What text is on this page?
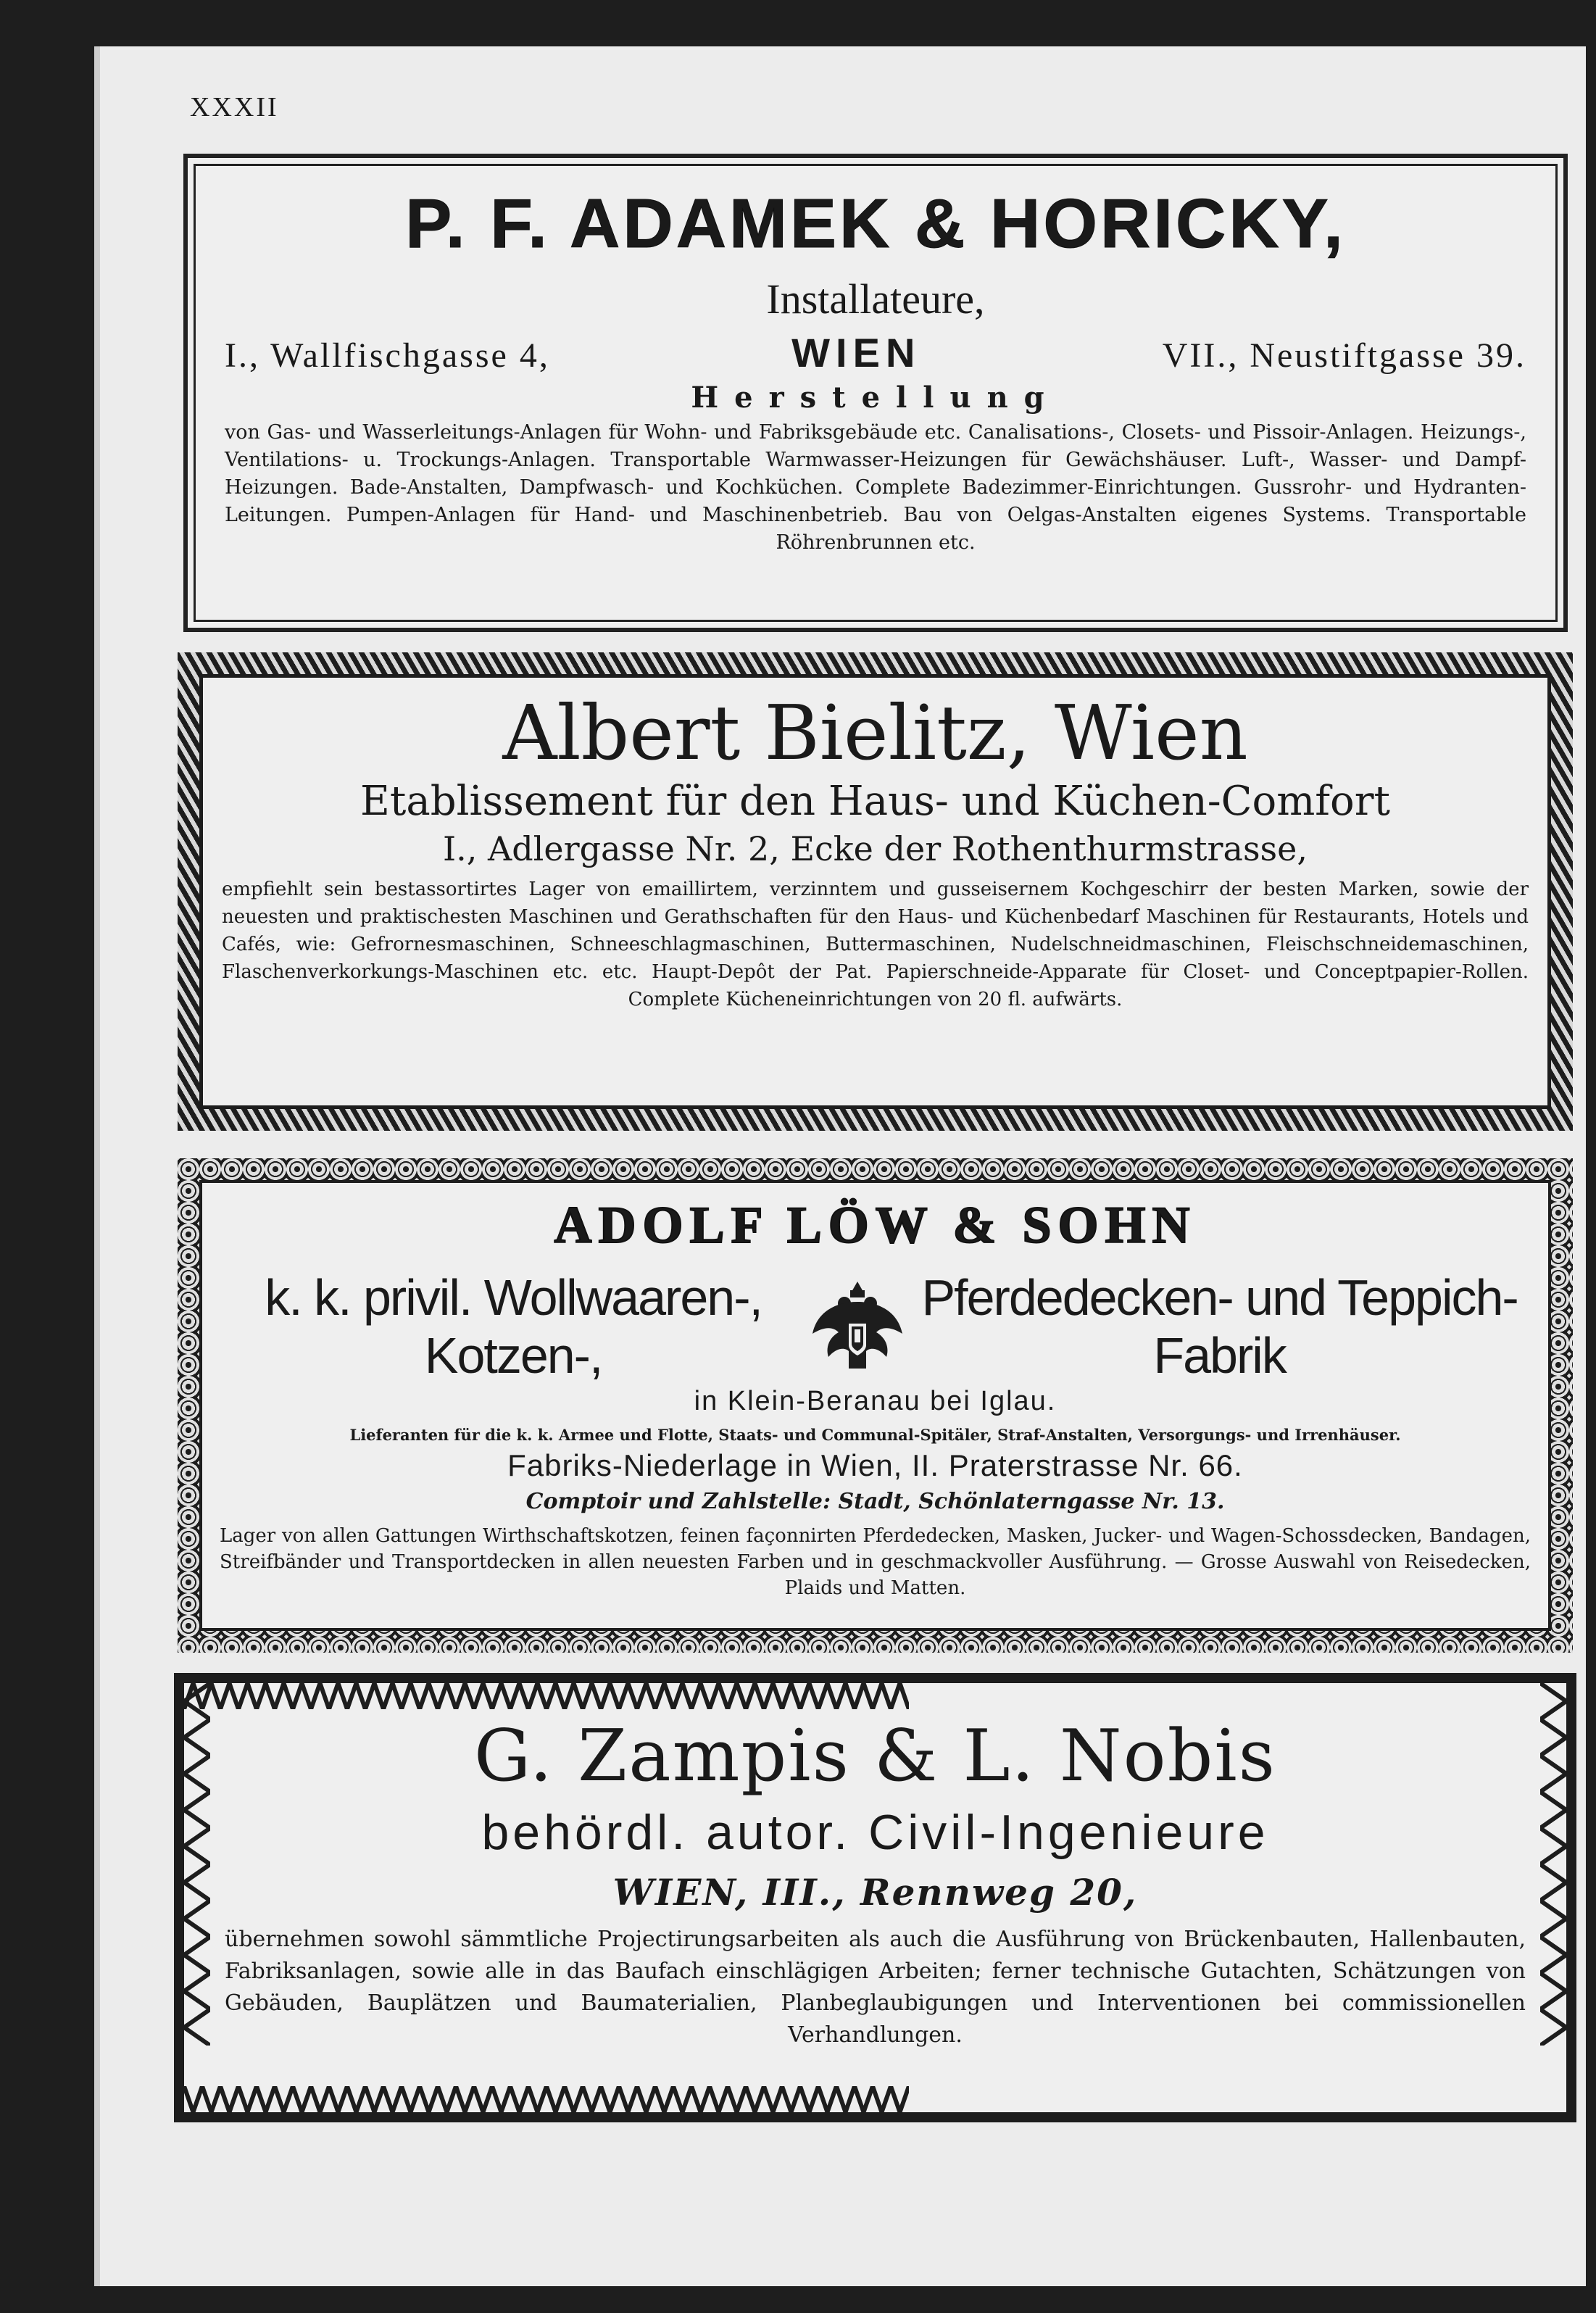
XXXII
P. F. ADAMEK & HORICKY,
Installateure,
I., Wallfischgasse 4,	WIEN	VII., Neustiftgasse 39.
Herstellung
von Gas- und Wasserleitungs-Anlagen für Wohn- und Fabriksgebäude etc. Canalisations-, Closets- und Pissoir-Anlagen. Heizungs-, Ventilations- u. Trockungs-Anlagen. Transportable Warmwasser-Heizungen für Gewächshäuser. Luft-, Wasser- und Dampf-Heizungen. Bade-Anstalten, Dampfwasch- und Kochküchen. Complete Badezimmer-Einrichtungen. Gussrohr- und Hydranten-Leitungen. Pumpen-Anlagen für Hand- und Maschinenbetrieb. Bau von Oelgas-Anstalten eigenes Systems. Transportable Röhrenbrunnen etc.
Albert Bielitz, Wien
Etablissement für den Haus- und Küchen-Comfort
I., Adlergasse Nr. 2, Ecke der Rothenthurmstrasse,
empfiehlt sein bestassortirtes Lager von emaillirtem, verzinntem und gusseisernem Kochgeschirr der besten Marken, sowie der neuesten und praktischesten Maschinen und Gerathschaften für den Haus- und Küchenbedarf Maschinen für Restaurants, Hotels und Cafés, wie: Gefrornesmaschinen, Schneeschlagmaschinen, Buttermaschinen, Nudelschneidmaschinen, Fleischschneidemaschinen, Flaschenverkorkungs-Maschinen etc. etc. Haupt-Depôt der Pat. Papierschneide-Apparate für Closet- und Conceptpapier-Rollen. Complete Kücheneinrichtungen von 20 fl. aufwärts.
ADOLF LÖW & SOHN
k. k. privil. Wollwaaren-, Kotzen-,
Pferdedecken- und Teppich-Fabrik
in Klein-Beranau bei Iglau.
Lieferanten für die k. k. Armee und Flotte, Staats- und Communal-Spitäler, Straf-Anstalten, Versorgungs- und Irrenhäuser.
Fabriks-Niederlage in Wien, II. Praterstrasse Nr. 66.
Comptoir und Zahlstelle: Stadt, Schönlaterngasse Nr. 13.
Lager von allen Gattungen Wirthschaftskotzen, feinen façonnirten Pferdedecken, Masken, Jucker- und Wagen-Schossdecken, Bandagen, Streifbänder und Transportdecken in allen neuesten Farben und in geschmackvoller Ausführung. — Grosse Auswahl von Reisedecken, Plaids und Matten.
G. Zampis & L. Nobis
behördl. autor. Civil-Ingenieure
WIEN, III., Rennweg 20,
übernehmen sowohl sämmtliche Projectirungsarbeiten als auch die Ausführung von Brückenbauten, Hallenbauten, Fabriksanlagen, sowie alle in das Baufach einschlägigen Arbeiten; ferner technische Gutachten, Schätzungen von Gebäuden, Bauplätzen und Baumaterialien, Planbeglaubigungen und Interventionen bei commissionellen Verhandlungen.
